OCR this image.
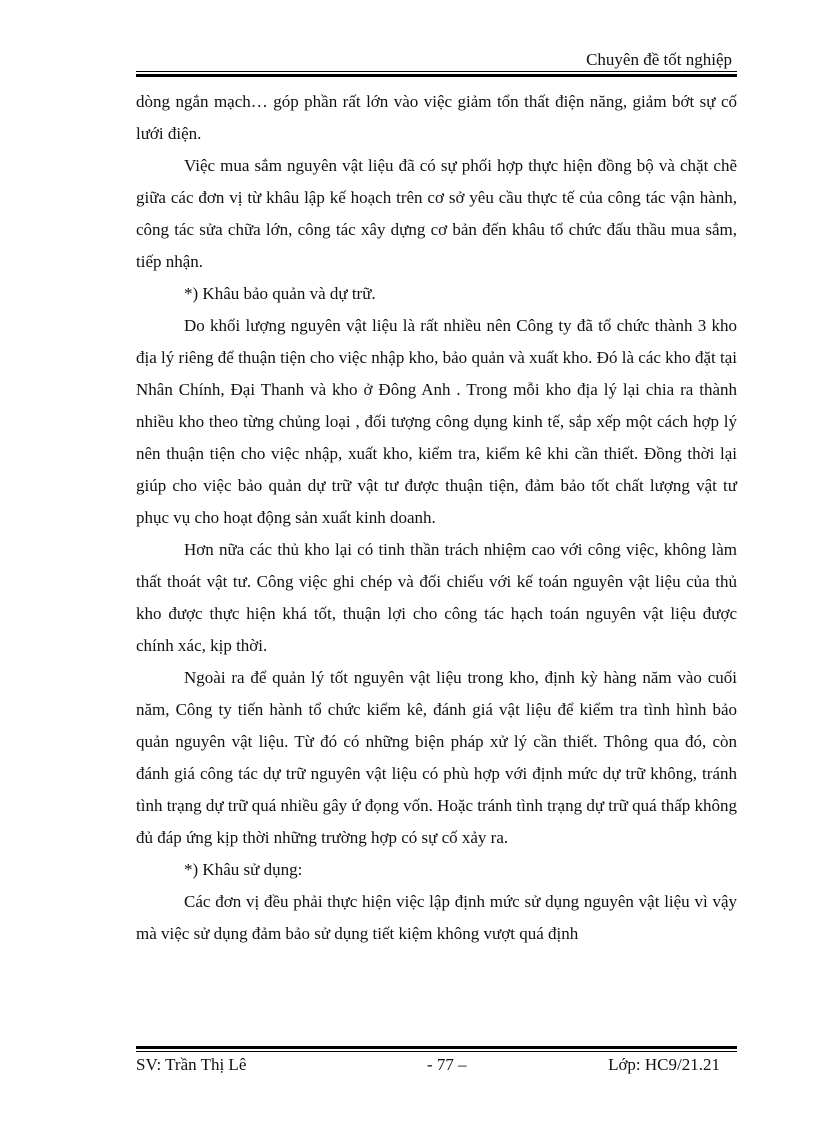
Chuyên đề tốt nghiệp

dòng ngắn mạch… góp phần rất lớn vào việc giảm tổn thất điện năng, giảm bớt sự cố lưới điện.

Việc mua sắm nguyên vật liệu đã có sự phối hợp thực hiện đồng bộ và chặt chẽ giữa các đơn vị từ khâu lập kế hoạch trên cơ sở yêu cầu thực tế của công tác vận hành, công tác sửa chữa lớn, công tác xây dựng cơ bản đến khâu tổ chức đấu thầu mua sắm, tiếp nhận.

*) Khâu bảo quản và dự trữ.

Do khối lượng nguyên vật liệu là rất nhiều nên Công ty đã tổ chức thành 3 kho địa lý riêng để thuận tiện cho việc nhập kho, bảo quản và xuất kho. Đó là các kho đặt tại Nhân Chính, Đại Thanh và kho ở Đông Anh . Trong mỗi kho địa lý lại chia ra thành nhiều kho theo từng chủng loại , đối tượng công dụng kinh tế, sắp xếp một cách hợp lý nên thuận tiện cho việc nhập, xuất kho, kiểm tra, kiểm kê khi cần thiết. Đồng thời lại giúp cho việc bảo quản dự trữ vật tư được thuận tiện, đảm bảo tốt chất lượng vật tư phục vụ cho hoạt động sản xuất kinh doanh.

Hơn nữa các thủ kho lại có tinh thần trách nhiệm cao với công việc, không làm thất thoát vật tư. Công việc ghi chép và đối chiếu với kế toán nguyên vật liệu của thủ kho được thực hiện khá tốt, thuận lợi cho công tác hạch toán nguyên vật liệu được chính xác, kịp thời.

Ngoài ra để quản lý tốt nguyên vật liệu trong kho, định kỳ hàng năm vào cuối năm, Công ty tiến hành tổ chức kiểm kê, đánh giá vật liệu để kiểm tra tình hình bảo quản nguyên vật liệu. Từ đó có những biện pháp xử lý cần thiết. Thông qua đó, còn đánh giá công tác dự trữ nguyên vật liệu có phù hợp với định mức dự trữ không, tránh tình trạng dự trữ quá nhiều gây ứ đọng vốn. Hoặc tránh tình trạng dự trữ quá thấp không đủ đáp ứng kịp thời những trường hợp có sự cố xảy ra.

*) Khâu sử dụng:

Các đơn vị đều phải thực hiện việc lập định mức sử dụng nguyên vật liệu vì vậy mà việc sử dụng đảm bảo sử dụng tiết kiệm không vượt quá định

SV: Trần Thị Lê	- 77 –	Lớp: HC9/21.21
